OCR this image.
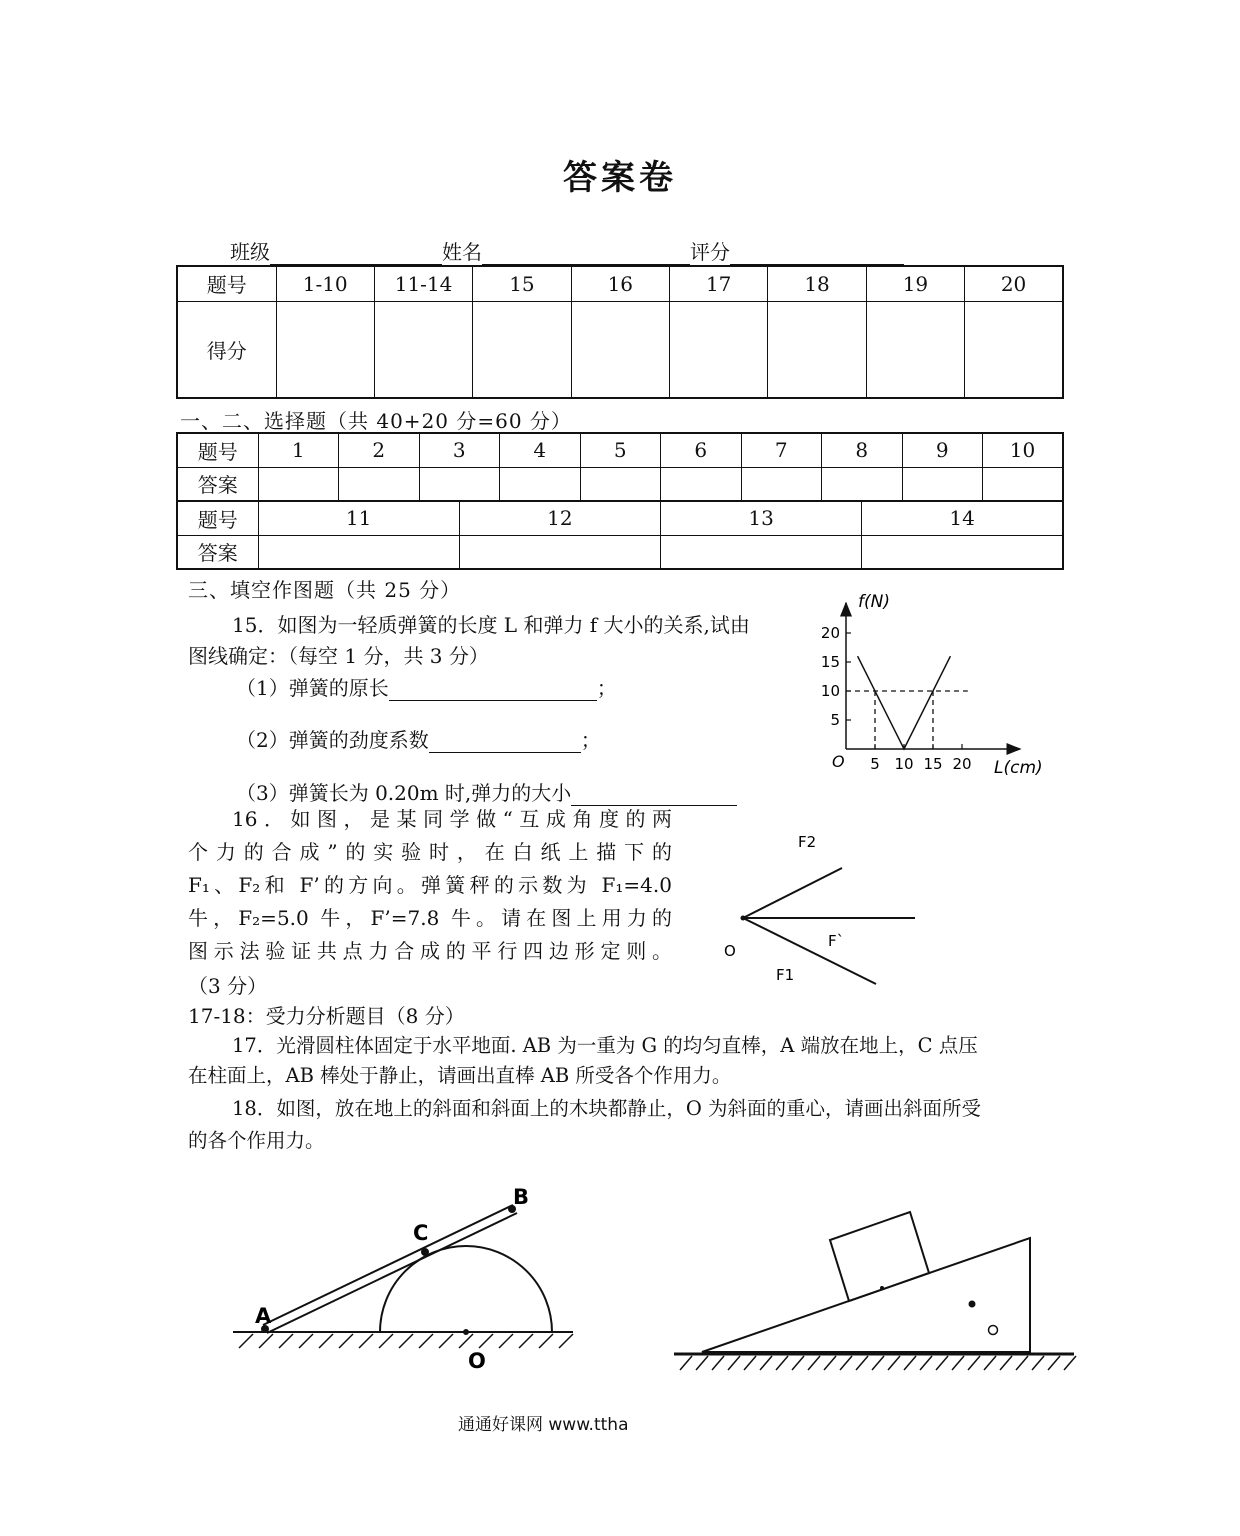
答案卷
班级	姓名	评分
题号	1-10	11-14	15	16	17	18	19	20
得分								
一、二、选择题（共 40+20 分=60 分）
题号	1	2	3	4	5	6	7	8	9	10
答案										
题号	11	12	13	14
答案				
三、填空作图题（共 25 分）
15．如图为一轻质弹簧的长度 L 和弹力 f 大小的关系,试由
图线确定：（每空 1 分，共 3 分）
（1）弹簧的原长	；
（2）弹簧的劲度系数	；
（3）弹簧长为 0.20m 时,弹力的大小
5 10 15 20
5
10
15
20
f(N)
L(cm)
O
16．如图，是某同学做“互成角度的两
个力的合成”的实验时，在白纸上描下的
F₁、F₂和 F’的方向。弹簧秤的示数为 F₁=4.0
牛，F₂=5.0 牛，F’=7.8 牛。请在图上用力的
图示法验证共点力合成的平行四边形定则。
（3 分）
F2
F`
F1
O
17-18：受力分析题目（8 分）
17．光滑圆柱体固定于水平地面. AB 为一重为 G 的均匀直棒，A 端放在地上，C 点压
在柱面上，AB 棒处于静止，请画出直棒 AB 所受各个作用力。
18．如图，放在地上的斜面和斜面上的木块都静止，O 为斜面的重心，请画出斜面所受
的各个作用力。
A
C
B
O
通通好课网 www.ttha
